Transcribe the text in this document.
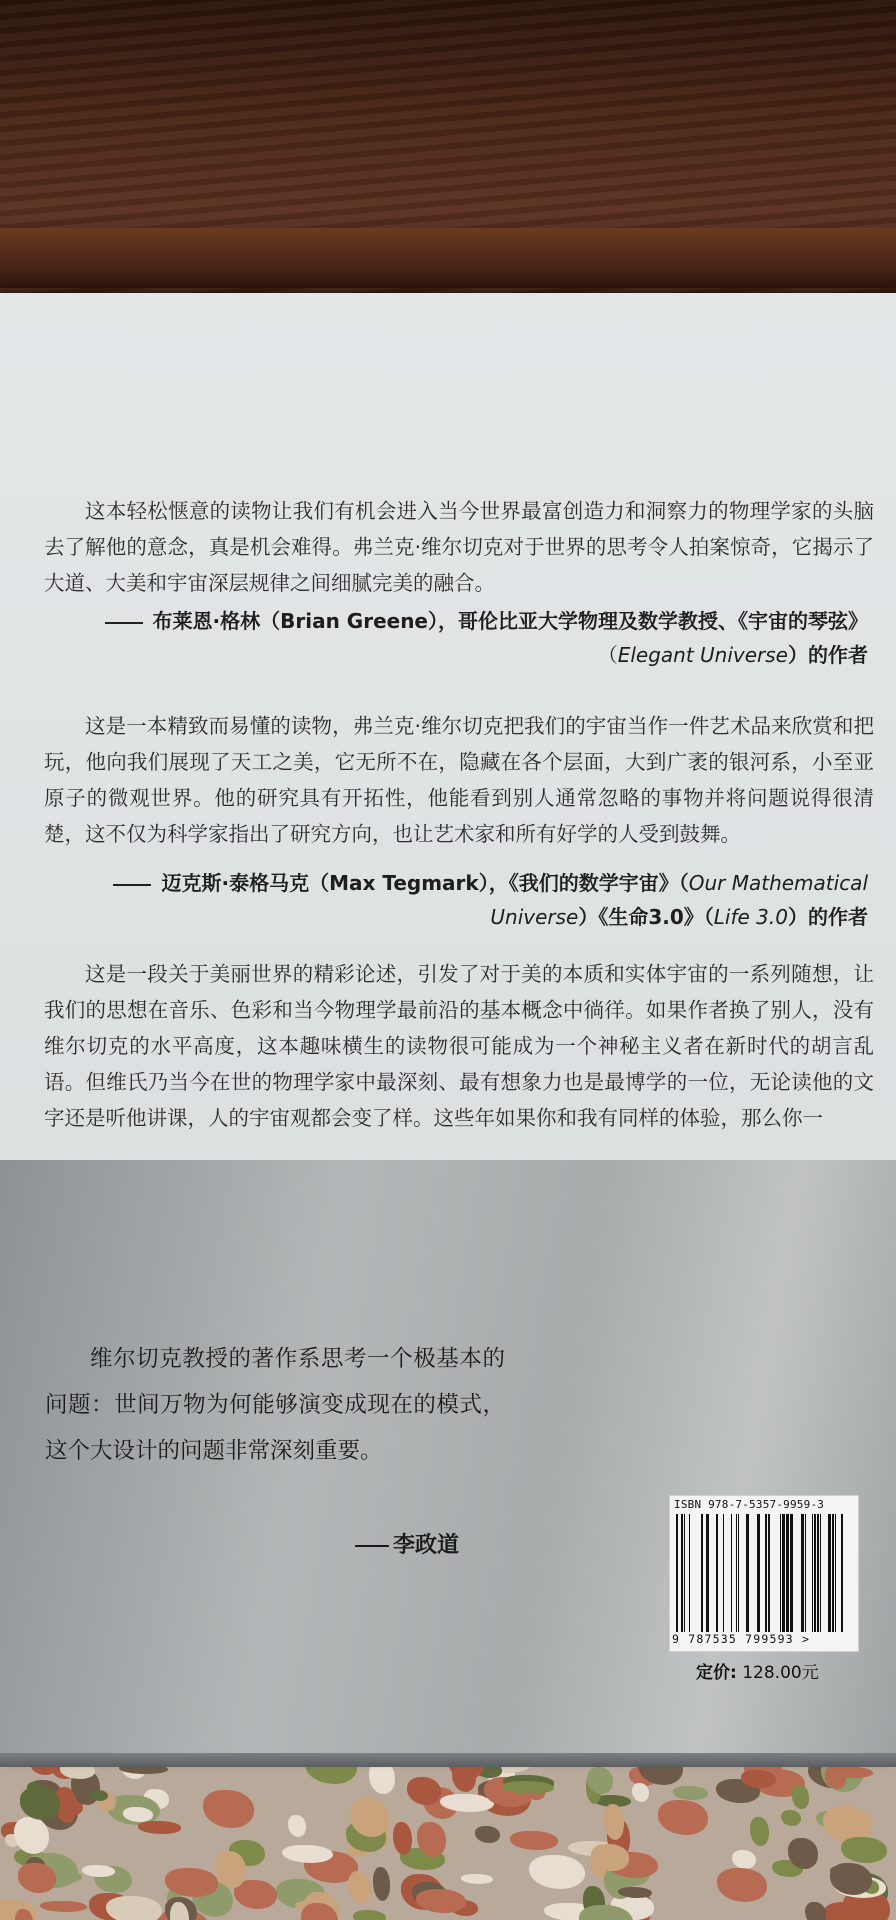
这本轻松惬意的读物让我们有机会进入当今世界最富创造力和洞察力的物理学家的头脑去了解他的意念，真是机会难得。弗兰克·维尔切克对于世界的思考令人拍案惊奇，它揭示了大道、大美和宇宙深层规律之间细腻完美的融合。

布莱恩·格林（Brian Greene），哥伦比亚大学物理及数学教授、《宇宙的琴弦》
（Elegant Universe）的作者

这是一本精致而易懂的读物，弗兰克·维尔切克把我们的宇宙当作一件艺术品来欣赏和把玩，他向我们展现了天工之美，它无所不在，隐藏在各个层面，大到广袤的银河系，小至亚原子的微观世界。他的研究具有开拓性，他能看到别人通常忽略的事物并将问题说得很清楚，这不仅为科学家指出了研究方向，也让艺术家和所有好学的人受到鼓舞。

迈克斯·泰格马克（Max Tegmark），《我们的数学宇宙》（Our Mathematical
Universe）《生命3.0》（Life 3.0）的作者

这是一段关于美丽世界的精彩论述，引发了对于美的本质和实体宇宙的一系列随想，让我们的思想在音乐、色彩和当今物理学最前沿的基本概念中徜徉。如果作者换了别人，没有维尔切克的水平高度，这本趣味横生的读物很可能成为一个神秘主义者在新时代的胡言乱语。但维氏乃当今在世的物理学家中最深刻、最有想象力也是最博学的一位，无论读他的文字还是听他讲课，人的宇宙观都会变了样。这些年如果你和我有同样的体验，那么你一

维尔切克教授的著作系思考一个极基本的问题：世间万物为何能够演变成现在的模式，这个大设计的问题非常深刻重要。

李政道
ISBN 978-7-5357-9959-3
9 787535 799593 >
定价: 128.00元
